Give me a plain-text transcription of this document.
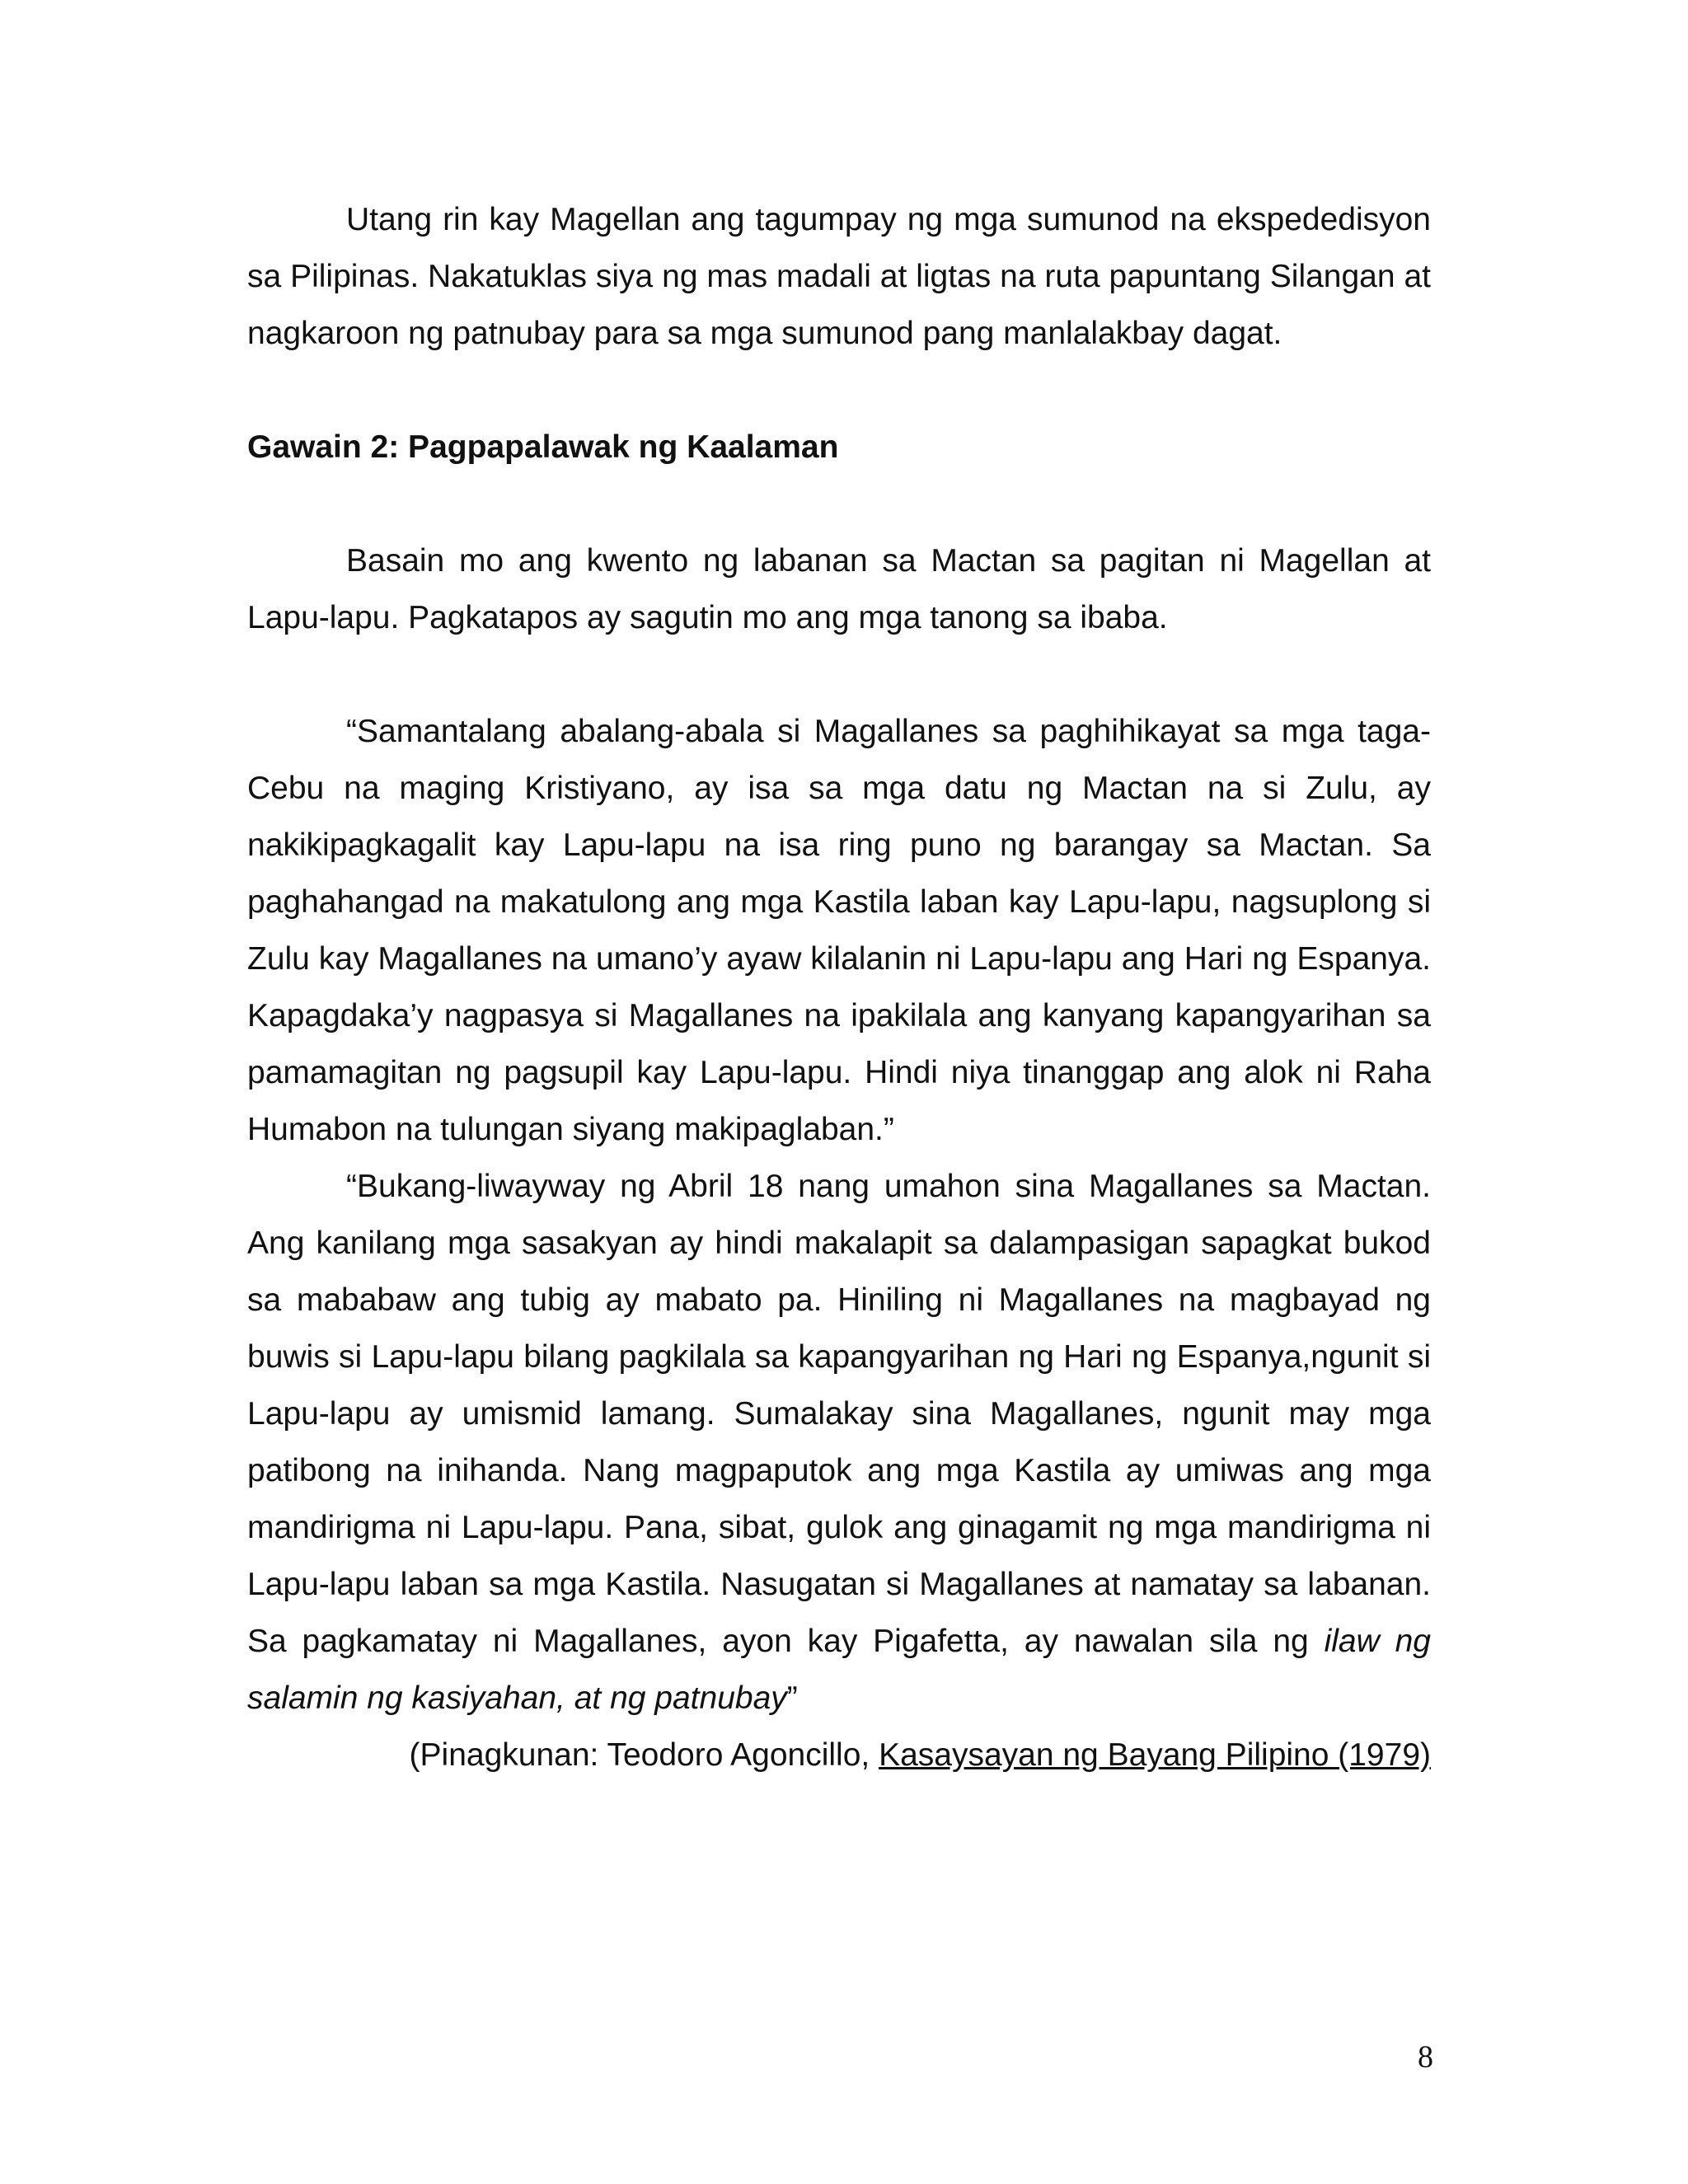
Utang rin kay Magellan ang tagumpay ng mga sumunod na ekspededisyon sa Pilipinas. Nakatuklas siya ng mas madali at ligtas na ruta papuntang Silangan at nagkaroon ng patnubay para sa mga sumunod pang manlalakbay dagat.

Gawain 2: Pagpapalawak ng Kaalaman

Basain mo ang kwento ng labanan sa Mactan sa pagitan ni Magellan at Lapu-lapu. Pagkatapos ay sagutin mo ang mga tanong sa ibaba.

“Samantalang abalang-abala si Magallanes sa paghihikayat sa mga taga-Cebu na maging Kristiyano, ay isa sa mga datu ng Mactan na si Zulu, ay nakikipagkagalit kay Lapu-lapu na isa ring puno ng barangay sa Mactan. Sa paghahangad na makatulong ang mga Kastila laban kay Lapu-lapu, nagsuplong si Zulu kay Magallanes na umano’y ayaw kilalanin ni Lapu-lapu ang Hari ng Espanya. Kapagdaka’y nagpasya si Magallanes na ipakilala ang kanyang kapangyarihan sa pamamagitan ng pagsupil kay Lapu-lapu. Hindi niya tinanggap ang alok ni Raha Humabon na tulungan siyang makipaglaban.”

“Bukang-liwayway ng Abril 18 nang umahon sina Magallanes sa Mactan. Ang kanilang mga sasakyan ay hindi makalapit sa dalampasigan sapagkat bukod sa mababaw ang tubig ay mabato pa. Hiniling ni Magallanes na magbayad ng buwis si Lapu-lapu bilang pagkilala sa kapangyarihan ng Hari ng Espanya,ngunit si Lapu-lapu ay umismid lamang. Sumalakay sina Magallanes, ngunit may mga patibong na inihanda. Nang magpaputok ang mga Kastila ay umiwas ang mga mandirigma ni Lapu-lapu. Pana, sibat, gulok ang ginagamit ng mga mandirigma ni Lapu-lapu laban sa mga Kastila. Nasugatan si Magallanes at namatay sa labanan. Sa pagkamatay ni Magallanes, ayon kay Pigafetta, ay nawalan sila ng ilaw ng salamin ng kasiyahan, at ng patnubay”

(Pinagkunan: Teodoro Agoncillo, Kasaysayan ng Bayang Pilipino (1979)

8
